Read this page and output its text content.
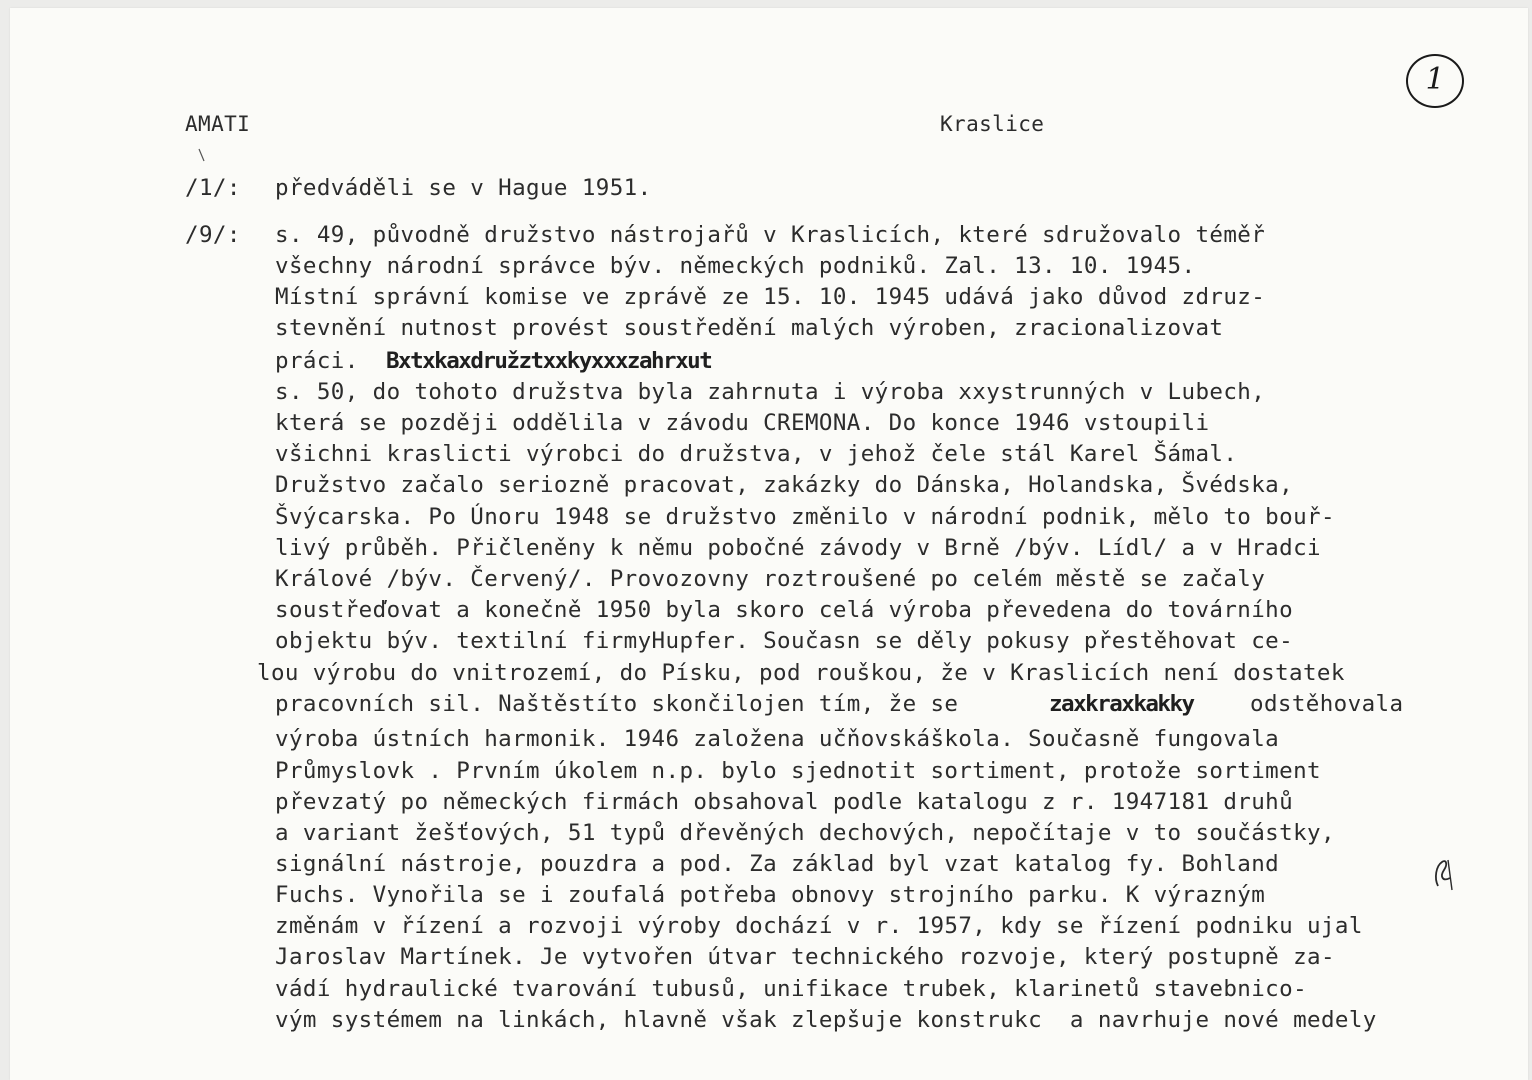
1
AMATI	Kraslice
/1/: předváděli se v Hague 1951.
/9/: s. 49, původně družstvo nástrojařů v Kraslicích, které sdružovalo téměř
všechny národní správce býv. německých podniků. Zal. 13. 10. 1945.
Místní správní komise ve zprávě ze 15. 10. 1945 udává jako důvod zdruz-
stevnění nutnost provést soustředění malých výroben, zracionalizovat
práci. Bxtxkaxdružztxxkyxxxzahrxut
s. 50, do tohoto družstva byla zahrnuta i výroba xxystrunných v Lubech,
která se později oddělila v závodu CREMONA. Do konce 1946 vstoupili
všichni kraslicti výrobci do družstva, v jehož čele stál Karel Šámal.
Družstvo začalo seriozně pracovat, zakázky do Dánska, Holandska, Švédska,
Švýcarska. Po Únoru 1948 se družstvo změnilo v národní podnik, mělo to bouř-
livý průběh. Přičleněny k němu pobočné závody v Brně /býv. Lídl/ a v Hradci
Králové /býv. Červený/. Provozovny roztroušené po celém městě se začaly
soustřeďovat a konečně 1950 byla skoro celá výroba převedena do továrního
objektu býv. textilní firmyHupfer. Současn se děly pokusy přestěhovat ce-
lou výrobu do vnitrozemí, do Písku, pod rouškou, že v Kraslicích není dostatek
pracovních sil. Naštěstíto skončilojen tím, že se	zaxkraxkakky	odstěhovala
výroba ústních harmonik. 1946 založena učňovskáškola. Současně fungovala
Průmyslovk . Prvním úkolem n.p. bylo sjednotit sortiment, protože sortiment
převzatý po německých firmách obsahoval podle katalogu z r. 1947181 druhů
a variant žešťových, 51 typů dřevěných dechových, nepočítaje v to součástky,
signální nástroje, pouzdra a pod. Za základ byl vzat katalog fy. Bohland
Fuchs. Vynořila se i zoufalá potřeba obnovy strojního parku. K výrazným
změnám v řízení a rozvoji výroby dochází v r. 1957, kdy se řízení podniku ujal
Jaroslav Martínek. Je vytvořen útvar technického rozvoje, který postupně za-
vádí hydraulické tvarování tubusů, unifikace trubek, klarinetů stavebnico-
vým systémem na linkách, hlavně však zlepšuje konstrukc  a navrhuje nové medely
